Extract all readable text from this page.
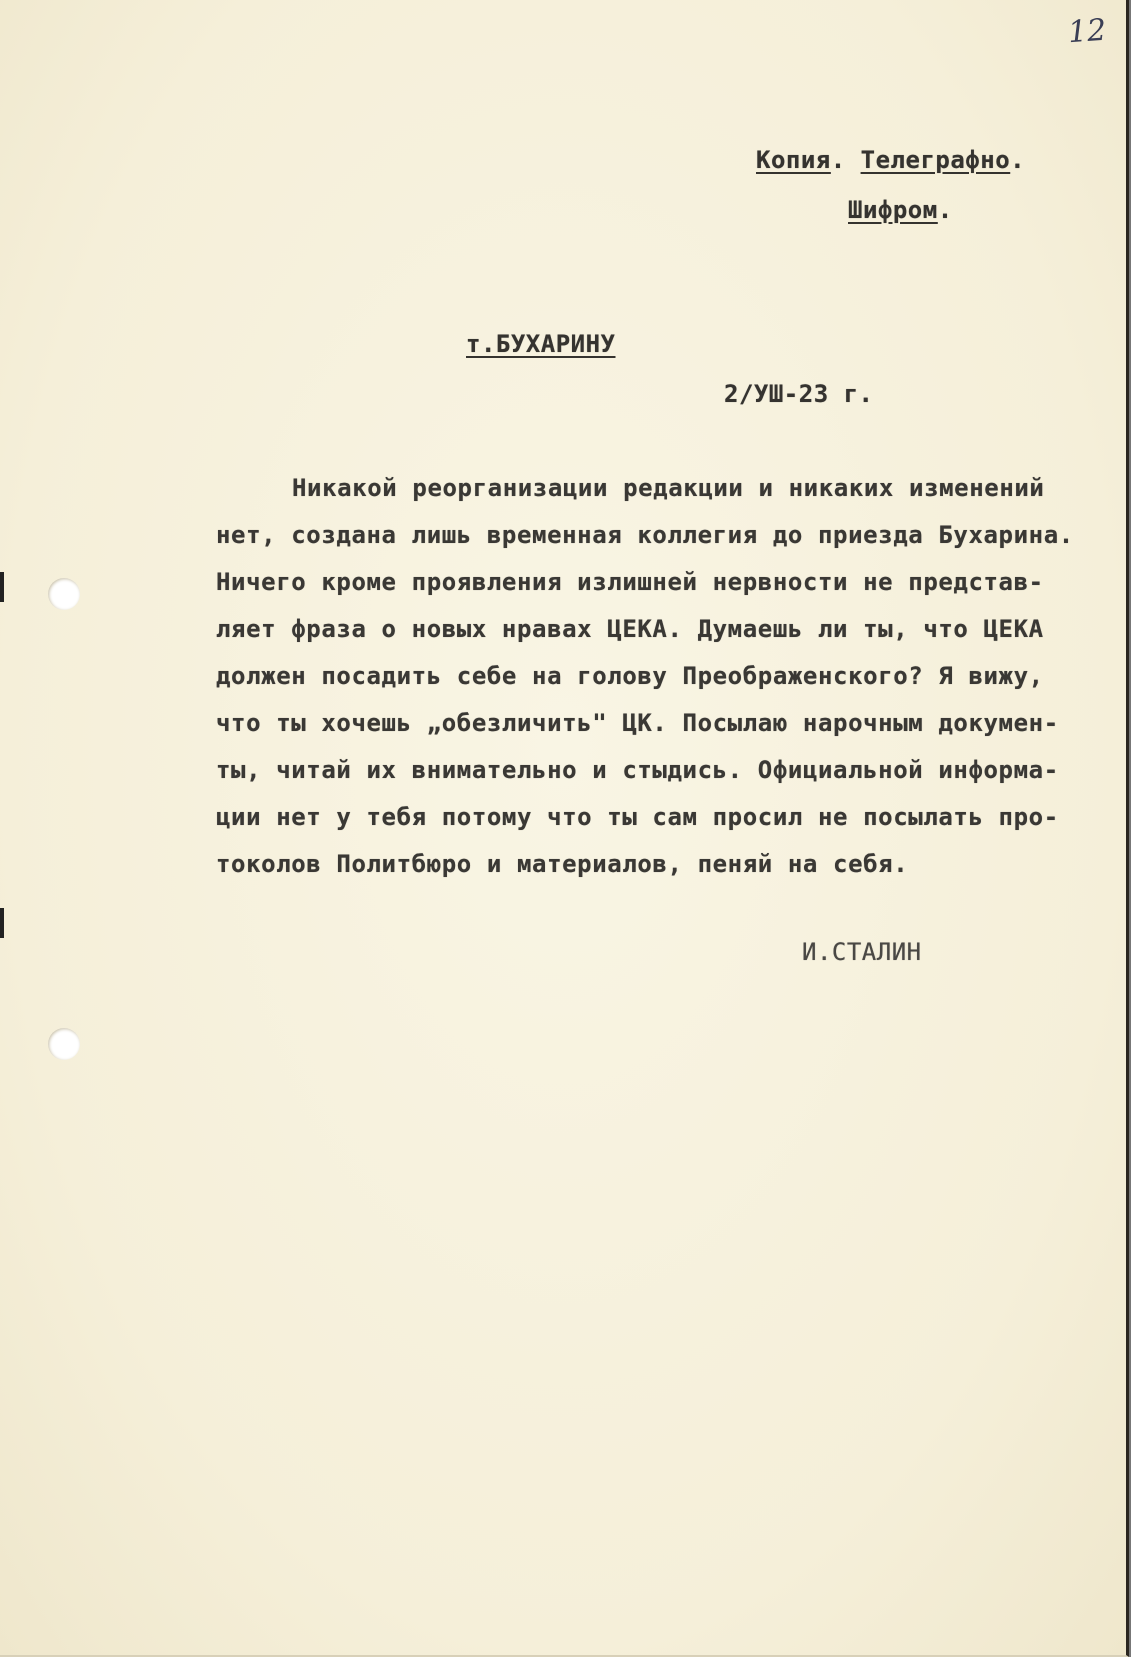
12
Копия. Телеграфно.
Шифром.
т.БУХАРИНУ
2/УШ-23 г.
Никакой реорганизации редакции и никаких изменений
нет, создана лишь временная коллегия до приезда Бухарина.
Ничего кроме проявления излишней нервности не представ-
ляет фраза о новых нравах ЦЕКА. Думаешь ли ты, что ЦЕКА
должен посадить себе на голову Преображенского? Я вижу,
что ты хочешь „обезличить" ЦК. Посылаю нарочным докумен-
ты, читай их внимательно и стыдись. Официальной информа-
ции нет у тебя потому что ты сам просил не посылать про-
токолов Политбюро и материалов, пеняй на себя.
И.СТАЛИН
